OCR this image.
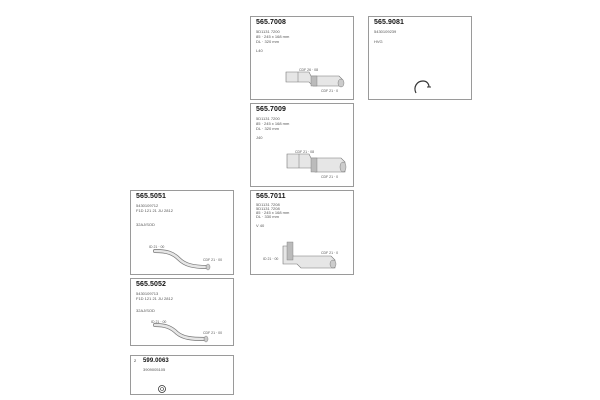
565.7008
5D1131 7200
85 · 245 x 168 mm
DL · 320 mm
L40
CDF 26 · 08
CDF 21 · 0
565.9081
5430109239
HVG
565.7009
5D1131 7200
85 · 245 x 168 mm
DL · 320 mm
J40
CDF 21 · 08
CDF 21 · 0
565.5051
5430109712
F1D 121 21 JU 2812
32AJ/SOD
ID 21 · 00
CDF 21 · 00
565.7011
5D1131 7208
5D1131 7208
85 · 245 x 168 mm
DL · 330 mm
V 40
ID 21 · 00
CDF 21 · 0
565.5052
5430109713
F1D 121 21 JU 2812
32AJ/SOD
ID 21 · 00
CDF 21 · 00
2 599.0063
3909005105
